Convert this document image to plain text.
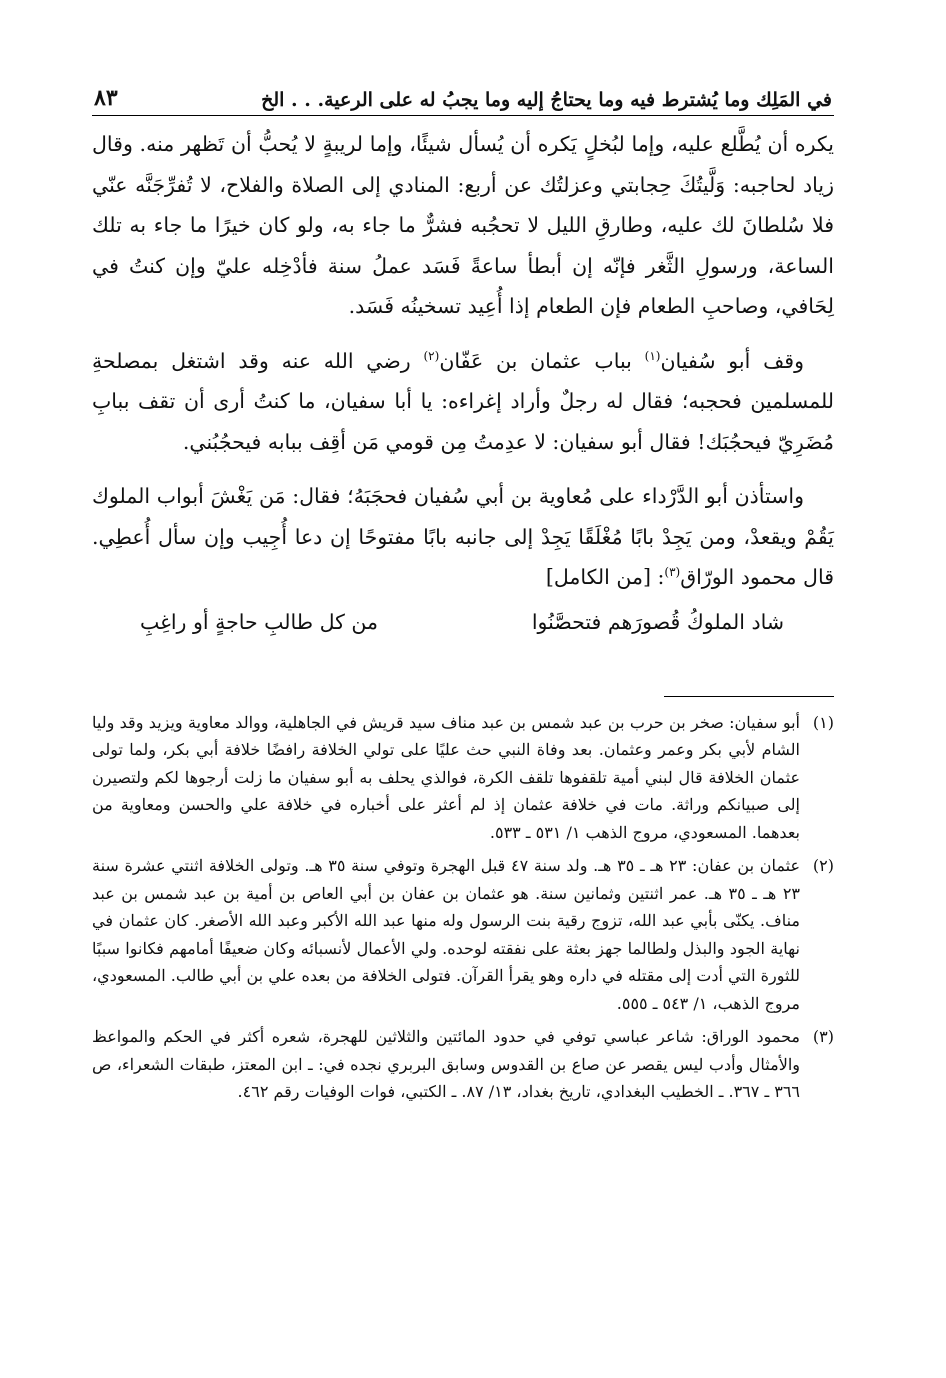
في المَلِك وما يُشترط فيه وما يحتاجُ إليه وما يجبُ له على الرعية. . . الخ
٨٣

يكره أن يُطَّلع عليه، وإما لبُخلٍ يَكره أن يُسأل شيئًا، وإما لريبةٍ لا يُحبُّ أن تَظهر منه. وقال زياد لحاجبه: وَلَّيتُكَ حِجابتي وعزلتُك عن أربع: المنادي إلى الصلاة والفلاح، لا تُفرِّجَنَّه عنّي فلا سُلطانَ لك عليه، وطارقِ الليل لا تحجُبه فشرٌّ ما جاء به، ولو كان خيرًا ما جاء به تلك الساعة، ورسولِ الثَّغر فإنّه إن أبطأ ساعةً فَسَد عملُ سنة فأدْخِله عليّ وإن كنتُ في لِحَافي، وصاحبِ الطعام فإن الطعام إذا أُعِيد تسخينُه فَسَد.

وقف أبو سُفيان$^{(١)}$ بباب عثمان بن عَفّان$^{(٢)}$ رضي الله عنه وقد اشتغل بمصلحةِ للمسلمين فحجبه؛ فقال له رجلٌ وأراد إغراءه: يا أبا سفيان، ما كنتُ أرى أن تقف ببابِ مُضَرِيّ فيحجُبَك! فقال أبو سفيان: لا عدِمتُ مِن قومي مَن أقِف ببابه فيحجُبُني.

واستأذن أبو الدَّرْداء على مُعاوية بن أبي سُفيان فحجَبَهُ؛ فقال: مَن يَغْشَ أبواب الملوك يَقُمْ ويقعدْ، ومن يَجِدْ بابًا مُغْلَقًا يَجِدْ إلى جانبه بابًا مفتوحًا إن دعا أُجِيب وإن سأل أُعطِي. قال محمود الورّاق$^{(٣)}$: [من الكامل]

شاد الملوكُ قُصورَهم فتحصَّنُوا
من كل طالبِ حاجةٍ أو راغِبِ
(١)
أبو سفيان: صخر بن حرب بن عبد شمس بن عبد مناف سيد قريش في الجاهلية، ووالد معاوية ويزيد وقد وليا الشام لأبي بكر وعمر وعثمان. بعد وفاة النبي حث عليًا على تولي الخلافة رافضًا خلافة أبي بكر، ولما تولى عثمان الخلافة قال لبني أمية تلقفوها تلقف الكرة، فوالذي يحلف به أبو سفيان ما زلت أرجوها لكم ولتصيرن إلى صبيانكم وراثة. مات في خلافة عثمان إذ لم أعثر على أخباره في خلافة علي والحسن ومعاوية من بعدهما. المسعودي، مروج الذهب ١/ ٥٣١ ـ ٥٣٣.
(٢)
عثمان بن عفان: ٢٣ هـ ـ ٣٥ هـ. ولد سنة ٤٧ قبل الهجرة وتوفي سنة ٣٥ هـ. وتولى الخلافة اثنتي عشرة سنة ٢٣ هـ ـ ٣٥ هـ. عمر اثنتين وثمانين سنة. هو عثمان بن عفان بن أبي العاص بن أمية بن عبد شمس بن عبد مناف. يكنّى بأبي عبد الله، تزوج رقية بنت الرسول وله منها عبد الله الأكبر وعبد الله الأصغر. كان عثمان في نهاية الجود والبذل ولطالما جهز بعثة على نفقته لوحده. ولي الأعمال لأنسبائه وكان ضعيفًا أمامهم فكانوا سببًا للثورة التي أدت إلى مقتله في داره وهو يقرأ القرآن. فتولى الخلافة من بعده علي بن أبي طالب. المسعودي، مروج الذهب، ١/ ٥٤٣ ـ ٥٥٥.
(٣)
محمود الوراق: شاعر عباسي توفي في حدود المائتين والثلاثين للهجرة، شعره أكثر في الحكم والمواعظ والأمثال وأدب ليس يقصر عن صاع بن القدوس وسابق البربري نجده في: ـ ابن المعتز، طبقات الشعراء، ص ٣٦٦ ـ ٣٦٧. ـ الخطيب البغدادي، تاريخ بغداد، ١٣/ ٨٧. ـ الكتبي، فوات الوفيات رقم ٤٦٢.
